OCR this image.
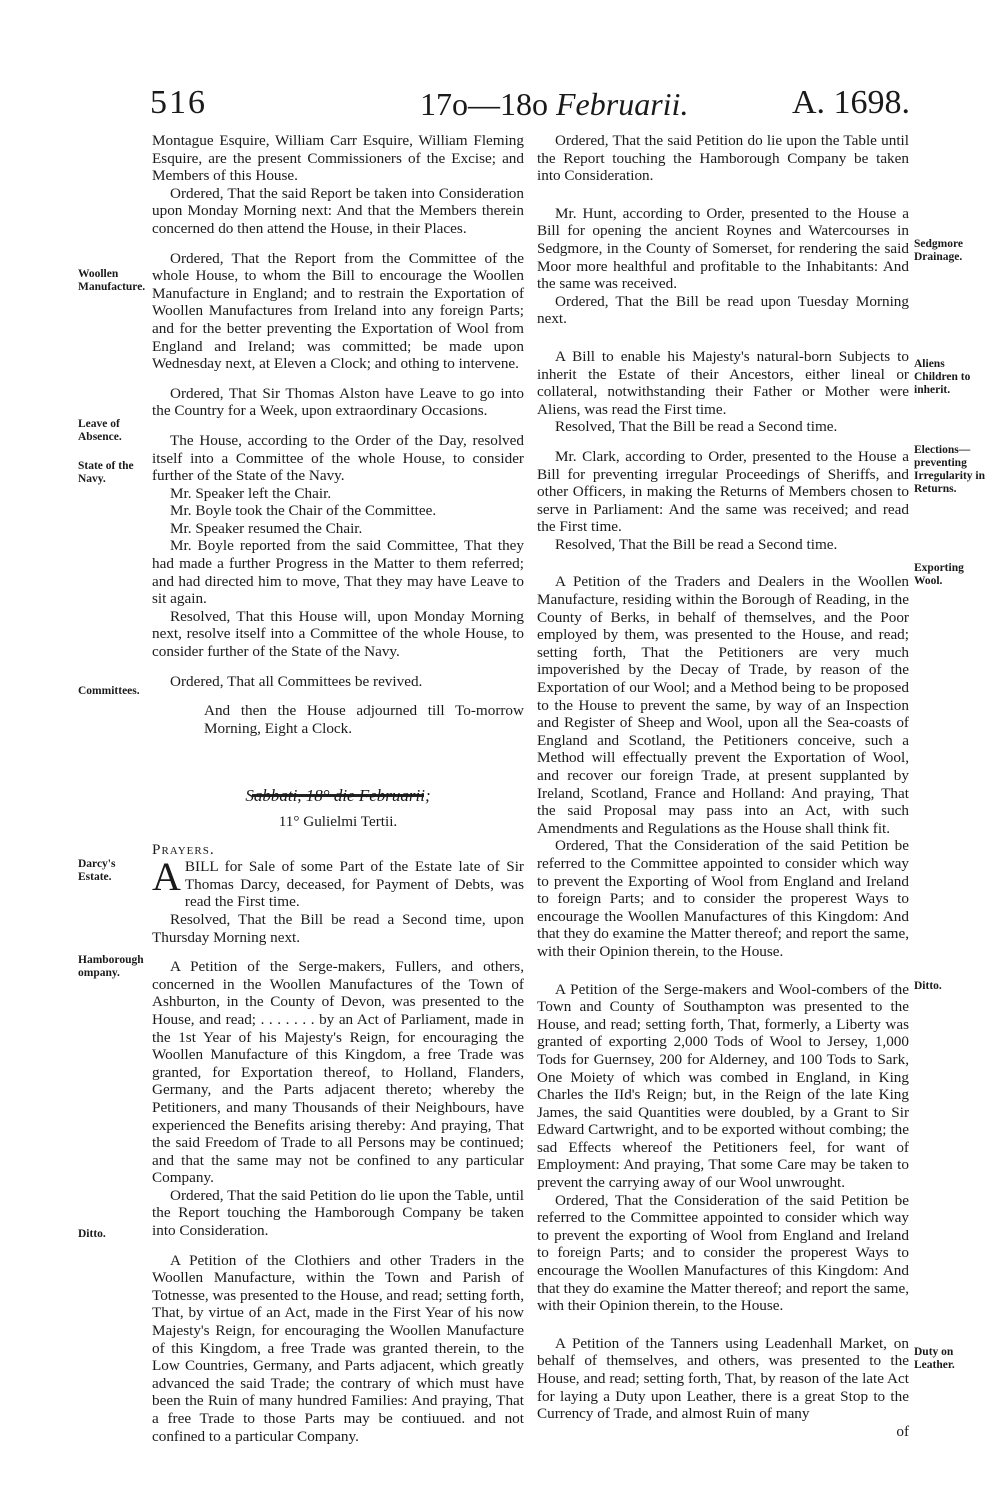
516	17o—18o Februarii.	A. 1698.
Woollen Manufacture.
Leave of Absence.
State of the Navy.
Committees.
Darcy's Estate.
Hamborough ompany.
Ditto.
Sedgmore Drainage.
Aliens Children to inherit.
Elections—preventing Irregularity in Returns.
Exporting Wool.
Ditto.
Duty on Leather.

Montague Esquire, William Carr Esquire, William Fleming Esquire, are the present Commissioners of the Excise; and Members of this House.

Ordered, That the said Report be taken into Consideration upon Monday Morning next: And that the Members therein concerned do then attend the House, in their Places.

Ordered, That the Report from the Committee of the whole House, to whom the Bill to encourage the Woollen Manufacture in England; and to restrain the Exportation of Woollen Manufactures from Ireland into any foreign Parts; and for the better preventing the Exportation of Wool from England and Ireland; was committed; be made upon Wednesday next, at Eleven a Clock; and othing to intervene.

Ordered, That Sir Thomas Alston have Leave to go into the Country for a Week, upon extraordinary Occasions.

The House, according to the Order of the Day, resolved itself into a Committee of the whole House, to consider further of the State of the Navy.

Mr. Speaker left the Chair.

Mr. Boyle took the Chair of the Committee.

Mr. Speaker resumed the Chair.

Mr. Boyle reported from the said Committee, That they had made a further Progress in the Matter to them referred; and had directed him to move, That they may have Leave to sit again.

Resolved, That this House will, upon Monday Morning next, resolve itself into a Committee of the whole House, to consider further of the State of the Navy.

Ordered, That all Committees be revived.

And then the House adjourned till To-morrow Morning, Eight a Clock.

Sabbati, 18° die Februarii;

11° Gulielmi Tertii.

Prayers.

ABILL for Sale of some Part of the Estate late of Sir Thomas Darcy, deceased, for Payment of Debts, was read the First time.

Resolved, That the Bill be read a Second time, upon Thursday Morning next.

A Petition of the Serge-makers, Fullers, and others, concerned in the Woollen Manufactures of the Town of Ashburton, in the County of Devon, was presented to the House, and read; . . . . . . . by an Act of Parliament, made in the 1st Year of his Majesty's Reign, for encouraging the Woollen Manufacture of this Kingdom, a free Trade was granted, for Exportation thereof, to Holland, Flanders, Germany, and the Parts adjacent thereto; whereby the Petitioners, and many Thousands of their Neighbours, have experienced the Benefits arising thereby: And praying, That the said Freedom of Trade to all Persons may be continued; and that the same may not be confined to any particular Company.

Ordered, That the said Petition do lie upon the Table, until the Report touching the Hamborough Company be taken into Consideration.

A Petition of the Clothiers and other Traders in the Woollen Manufacture, within the Town and Parish of Totnesse, was presented to the House, and read; setting forth, That, by virtue of an Act, made in the First Year of his now Majesty's Reign, for encouraging the Woollen Manufacture of this Kingdom, a free Trade was granted therein, to the Low Countries, Germany, and Parts adjacent, which greatly advanced the said Trade; the contrary of which must have been the Ruin of many hundred Families: And praying, That a free Trade to those Parts may be contiuued. and not confined to a particular Company.

Ordered, That the said Petition do lie upon the Table until the Report touching the Hamborough Company be taken into Consideration.

Mr. Hunt, according to Order, presented to the House a Bill for opening the ancient Roynes and Watercourses in Sedgmore, in the County of Somerset, for rendering the said Moor more healthful and profitable to the Inhabitants: And the same was received.

Ordered, That the Bill be read upon Tuesday Morning next.

A Bill to enable his Majesty's natural-born Subjects to inherit the Estate of their Ancestors, either lineal or collateral, notwithstanding their Father or Mother were Aliens, was read the First time.

Resolved, That the Bill be read a Second time.

Mr. Clark, according to Order, presented to the House a Bill for preventing irregular Proceedings of Sheriffs, and other Officers, in making the Returns of Members chosen to serve in Parliament: And the same was received; and read the First time.

Resolved, That the Bill be read a Second time.

A Petition of the Traders and Dealers in the Woollen Manufacture, residing within the Borough of Reading, in the County of Berks, in behalf of themselves, and the Poor employed by them, was presented to the House, and read; setting forth, That the Petitioners are very much impoverished by the Decay of Trade, by reason of the Exportation of our Wool; and a Method being to be proposed to the House to prevent the same, by way of an Inspection and Register of Sheep and Wool, upon all the Sea-coasts of England and Scotland, the Petitioners conceive, such a Method will effectually prevent the Exportation of Wool, and recover our foreign Trade, at present supplanted by Ireland, Scotland, France and Holland: And praying, That the said Proposal may pass into an Act, with such Amendments and Regulations as the House shall think fit.

Ordered, That the Consideration of the said Petition be referred to the Committee appointed to consider which way to prevent the Exporting of Wool from England and Ireland to foreign Parts; and to consider the properest Ways to encourage the Woollen Manufactures of this Kingdom: And that they do examine the Matter thereof; and report the same, with their Opinion therein, to the House.

A Petition of the Serge-makers and Wool-combers of the Town and County of Southampton was presented to the House, and read; setting forth, That, formerly, a Liberty was granted of exporting 2,000 Tods of Wool to Jersey, 1,000 Tods for Guernsey, 200 for Alderney, and 100 Tods to Sark, One Moiety of which was combed in England, in King Charles the IId's Reign; but, in the Reign of the late King James, the said Quantities were doubled, by a Grant to Sir Edward Cartwright, and to be exported without combing; the sad Effects whereof the Petitioners feel, for want of Employment: And praying, That some Care may be taken to prevent the carrying away of our Wool unwrought.

Ordered, That the Consideration of the said Petition be referred to the Committee appointed to consider which way to prevent the exporting of Wool from England and Ireland to foreign Parts; and to consider the properest Ways to encourage the Woollen Manufactures of this Kingdom: And that they do examine the Matter thereof; and report the same, with their Opinion therein, to the House.

A Petition of the Tanners using Leadenhall Market, on behalf of themselves, and others, was presented to the House, and read; setting forth, That, by reason of the late Act for laying a Duty upon Leather, there is a great Stop to the Currency of Trade, and almost Ruin of many

of
